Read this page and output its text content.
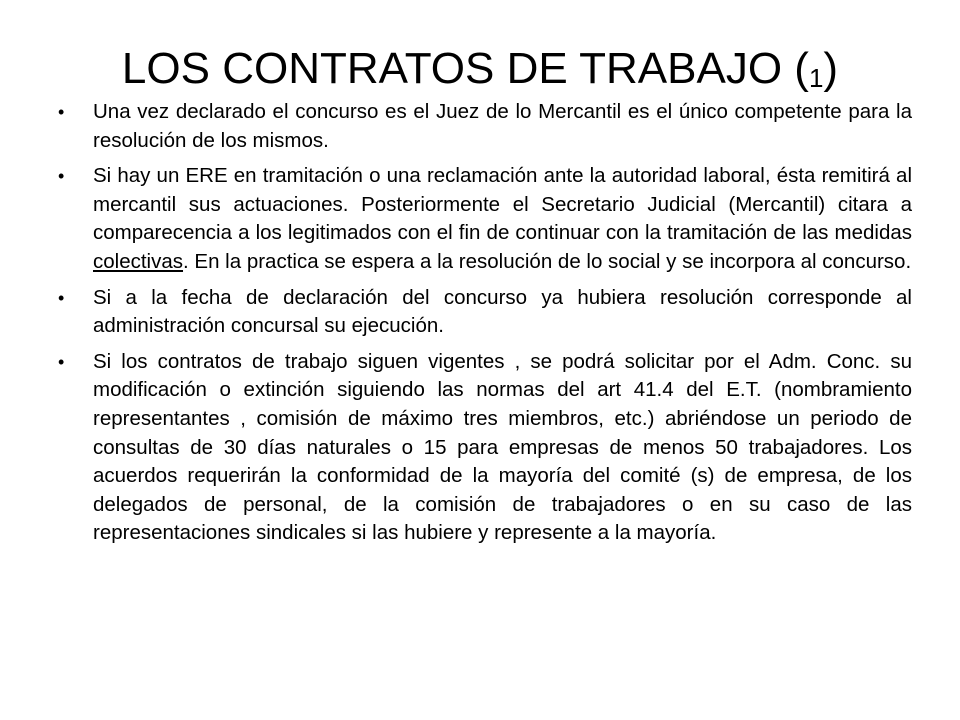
LOS CONTRATOS DE TRABAJO (1)
• Una vez declarado el concurso es el Juez de lo Mercantil es el único competente para la resolución de los mismos.
• Si hay un ERE en tramitación o una reclamación ante la autoridad laboral, ésta remitirá al mercantil sus actuaciones. Posteriormente el Secretario Judicial (Mercantil) citara a comparecencia a los legitimados con el fin de continuar con la tramitación de las medidas colectivas. En la practica se espera a la resolución de lo social y se incorpora al concurso.
• Si a la fecha de declaración del concurso ya hubiera resolución corresponde al administración concursal su ejecución.
• Si los contratos de trabajo siguen vigentes , se podrá solicitar por el Adm. Conc. su modificación o extinción siguiendo las normas del art 41.4 del E.T. (nombramiento representantes , comisión de máximo tres miembros, etc.) abriéndose un periodo de consultas de 30 días naturales o 15 para empresas de menos 50 trabajadores. Los acuerdos requerirán la conformidad de la mayoría del comité (s) de empresa, de los delegados de personal, de la comisión de trabajadores o en su caso de las representaciones sindicales si las hubiere y represente a la mayoría.
